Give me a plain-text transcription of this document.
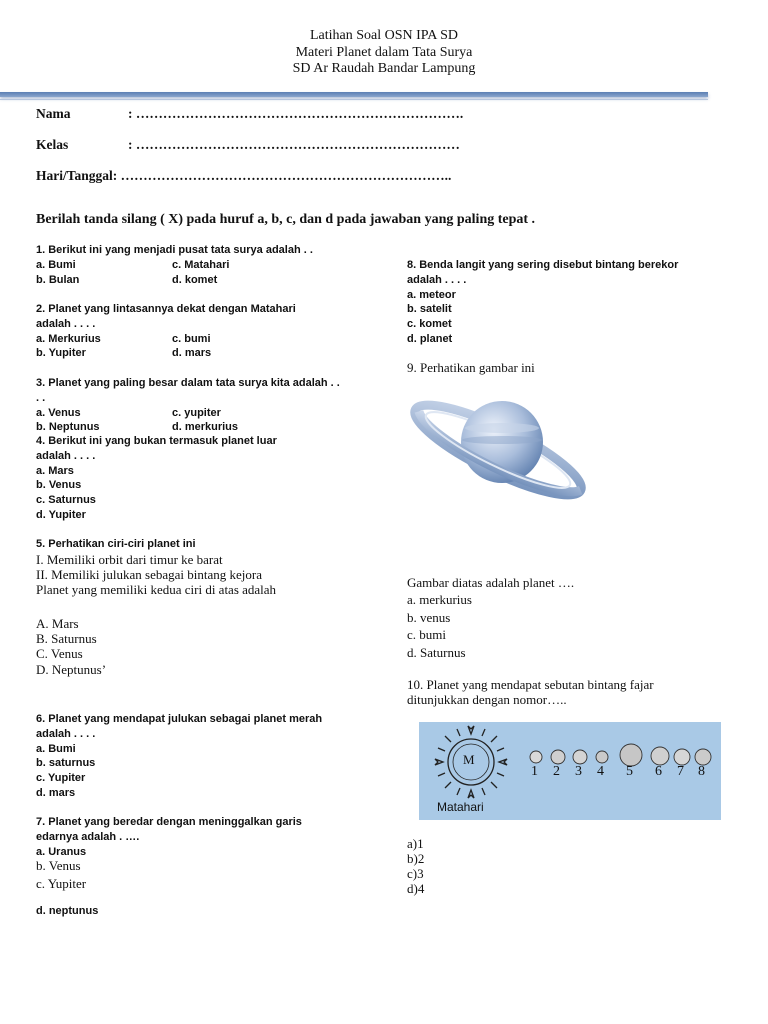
Latihan Soal OSN IPA SD
Materi Planet dalam Tata Surya
SD Ar Raudah Bandar Lampung
Nama	: ……………………………………………………………….
Kelas	: ………………………………………………………………
Hari/Tanggal: ………………………………………………………………..
Berilah tanda silang ( X) pada huruf a, b, c, dan d pada jawaban yang paling tepat .
1. Berikut ini yang menjadi pusat tata surya adalah . .
a. Bumi	c. Matahari
b. Bulan	d. komet
2. Planet yang lintasannya dekat dengan Matahari
adalah . . . .
a. Merkurius	c. bumi
b. Yupiter	d. mars
3. Planet yang paling besar dalam tata surya kita adalah . .
. .
a. Venus	c. yupiter
b. Neptunus	d. merkurius
4. Berikut ini yang bukan termasuk planet luar
adalah . . . .
a. Mars
b. Venus
c. Saturnus
d. Yupiter
5. Perhatikan ciri-ciri planet ini
I. Memiliki orbit dari timur ke barat
II. Memiliki julukan sebagai bintang kejora
Planet yang memiliki kedua ciri di atas adalah
A. Mars
B. Saturnus
C. Venus
D. Neptunus’
6. Planet yang mendapat julukan sebagai planet merah
adalah . . . .
a. Bumi
b. saturnus
c. Yupiter
d. mars
7. Planet yang beredar dengan meninggalkan garis
edarnya adalah . ….
a. Uranus
b. Venus
c. Yupiter
d. neptunus
8. Benda langit yang sering disebut bintang berekor
adalah . . . .
a. meteor
b. satelit
c. komet
d. planet
9. Perhatikan gambar ini
Gambar diatas adalah planet ….
a. merkurius
b. venus
c. bumi
d. Saturnus
10. Planet yang mendapat sebutan bintang fajar
ditunjukkan dengan nomor…..
M
Matahari
1 2 3 4 5 6 7 8
a)1
b)2
c)3
d)4
